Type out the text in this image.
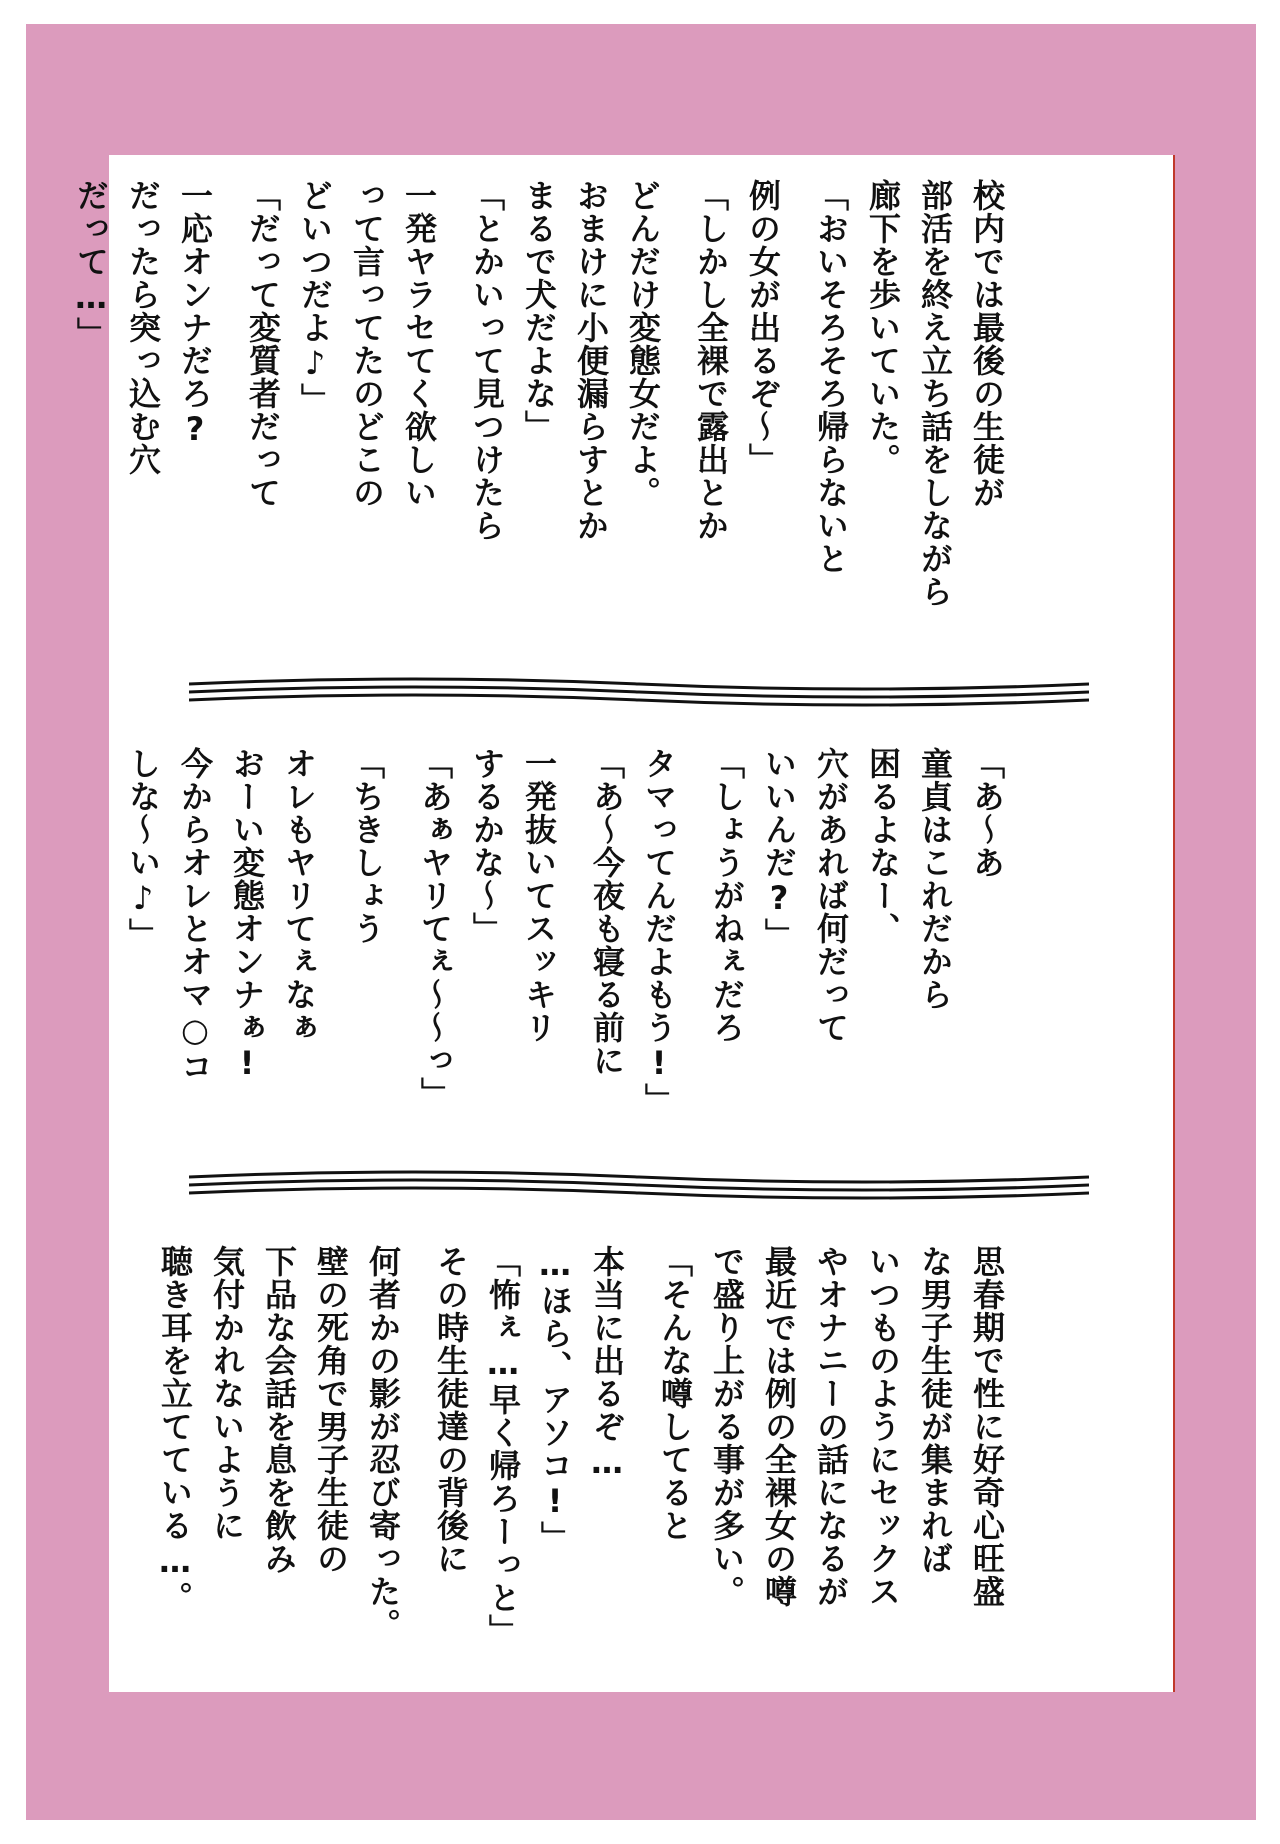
校内では最後の生徒が

部活を終え立ち話をしながら

廊下を歩いていた。

「おいそろそろ帰らないと

例の女が出るぞ〜」

「しかし全裸で露出とか

どんだけ変態女だよ。

おまけに小便漏らすとか

まるで犬だよな」

「とかいって見つけたら

一発ヤラセてく欲しい

って言ってたのどこの

どいつだよ♪」

「だって変質者だって

一応オンナだろ?

だったら突っ込む穴

だって…」

「あ〜あ

童貞はこれだから

困るよなー、

穴があれば何だって

いいんだ?」

「しょうがねぇだろ

タマってんだよもう!」

「あ〜今夜も寝る前に

一発抜いてスッキリ

するかな〜」

「あぁヤリてぇ〜〜っ」

「ちきしょう

オレもヤリてぇなぁ

おーい変態オンナぁ!

今からオレとオマ○コ

しな〜い♪」

思春期で性に好奇心旺盛

な男子生徒が集まれば

いつものようにセックス

やオナニーの話になるが

最近では例の全裸女の噂

で盛り上がる事が多い。

「そんな噂してると

本当に出るぞ…

…ほら、アソコ!」

「怖ぇ…早く帰ろーっと」

その時生徒達の背後に

何者かの影が忍び寄った。

壁の死角で男子生徒の

下品な会話を息を飲み

気付かれないように

聴き耳を立てている…。
